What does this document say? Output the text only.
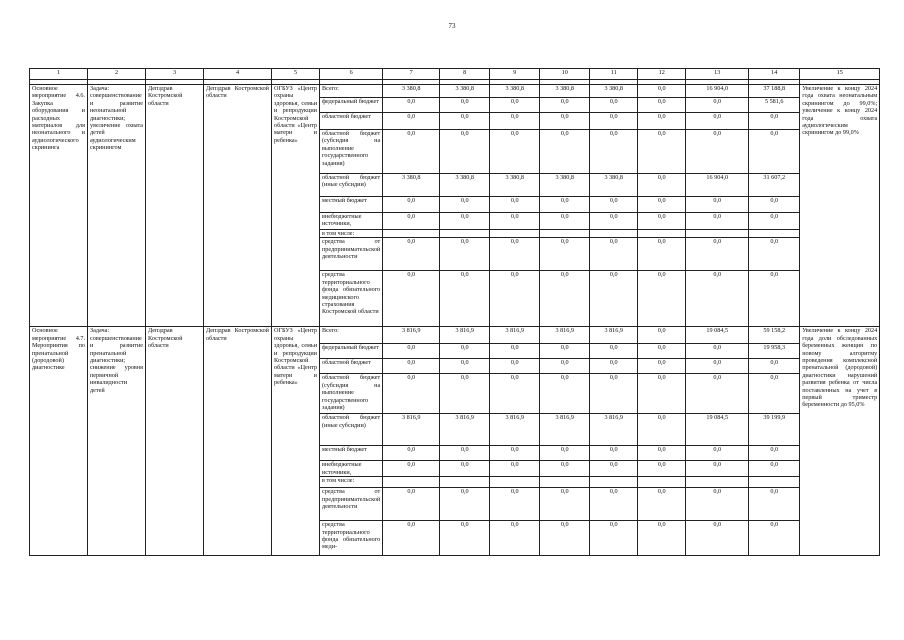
73
1	2	3	4	5	6	7	8	9	10	11	12	13	14	15

Основное мероприятие 4.6. Закупка оборудования и расходных материалов для неонатального и аудиологического скрининга	Задача: совершенствование и развитие неонатальной диагностики; увеличение охвата детей аудиологическим скринингом	Депздрав Костромской области	Депздрав Костромской области	ОГБУЗ «Центр охраны здоровья, семьи и репродукции Костромской области «Центр матери и ребенка»	Всего:	3 380,8	3 380,8	3 380,8	3 380,8	3 380,8	0,0	16 904,0	37 188,8	Увеличение к концу 2024 года охвата неонатальным скринингом до 99,0%; увеличение к концу 2024 года охвата аудиологическим скринингом до 99,0%
					федеральный бюджет	0,0	0,0	0,0	0,0	0,0	0,0	0,0	5 581,6	
					областной бюджет	0,0	0,0	0,0	0,0	0,0	0,0	0,0	0,0	
					областной бюджет (субсидия на выполнение государственного задания)	0,0	0,0	0,0	0,0	0,0	0,0	0,0	0,0	
					областной бюджет (иные субсидии)	3 380,8	3 380,8	3 380,8	3 380,8	3 380,8	0,0	16 904,0	31 607,2	
					местный бюджет	0,0	0,0	0,0	0,0	0,0	0,0	0,0	0,0	
					внебюджетные источники,	0,0	0,0	0,0	0,0	0,0	0,0	0,0	0,0	
					в том числе:									
					средства от предпринимательской деятельности	0,0	0,0	0,0	0,0	0,0	0,0	0,0	0,0	
					средства территориального фонда обязательного медицинского страхования Костромской области	0,0	0,0	0,0	0,0	0,0	0,0	0,0	0,0	
Основное мероприятие 4.7. Мероприятия по пренатальной (дородовой) диагностике	Задача: совершенствование и развитие пренатальной диагностики; снижение уровня первичной инвалидности детей	Депздрав Костромской области	Депздрав Костромской области	ОГБУЗ «Центр охраны здоровья, семьи и репродукции Костромской области «Центр матери и ребенка»	Всего:	3 816,9	3 816,9	3 816,9	3 816,9	3 816,9	0,0	19 084,5	59 158,2	Увеличение к концу 2024 года доли обследованных беременных женщин по новому алгоритму проведения комплексной пренатальной (дородовой) диагностики нарушений развития ребенка от числа поставленных на учет в первый триместр беременности до 95,0%
					федеральный бюджет	0,0	0,0	0,0	0,0	0,0	0,0	0,0	19 958,3	
					областной бюджет	0,0	0,0	0,0	0,0	0,0	0,0	0,0	0,0	
					областной бюджет (субсидия на выполнение государственного задания)	0,0	0,0	0,0	0,0	0,0	0,0	0,0	0,0	
					областной бюджет (иные субсидии)	3 816,9	3 816,9	3 816,9	3 816,9	3 816,9	0,0	19 084,5	39 199,9	
					местный бюджет	0,0	0,0	0,0	0,0	0,0	0,0	0,0	0,0	
					внебюджетные источники,	0,0	0,0	0,0	0,0	0,0	0,0	0,0	0,0	
					в том числе:									
					средства от предпринимательской деятельности	0,0	0,0	0,0	0,0	0,0	0,0	0,0	0,0	
					средства территориального фонда обязательного меди-	0,0	0,0	0,0	0,0	0,0	0,0	0,0	0,0	
